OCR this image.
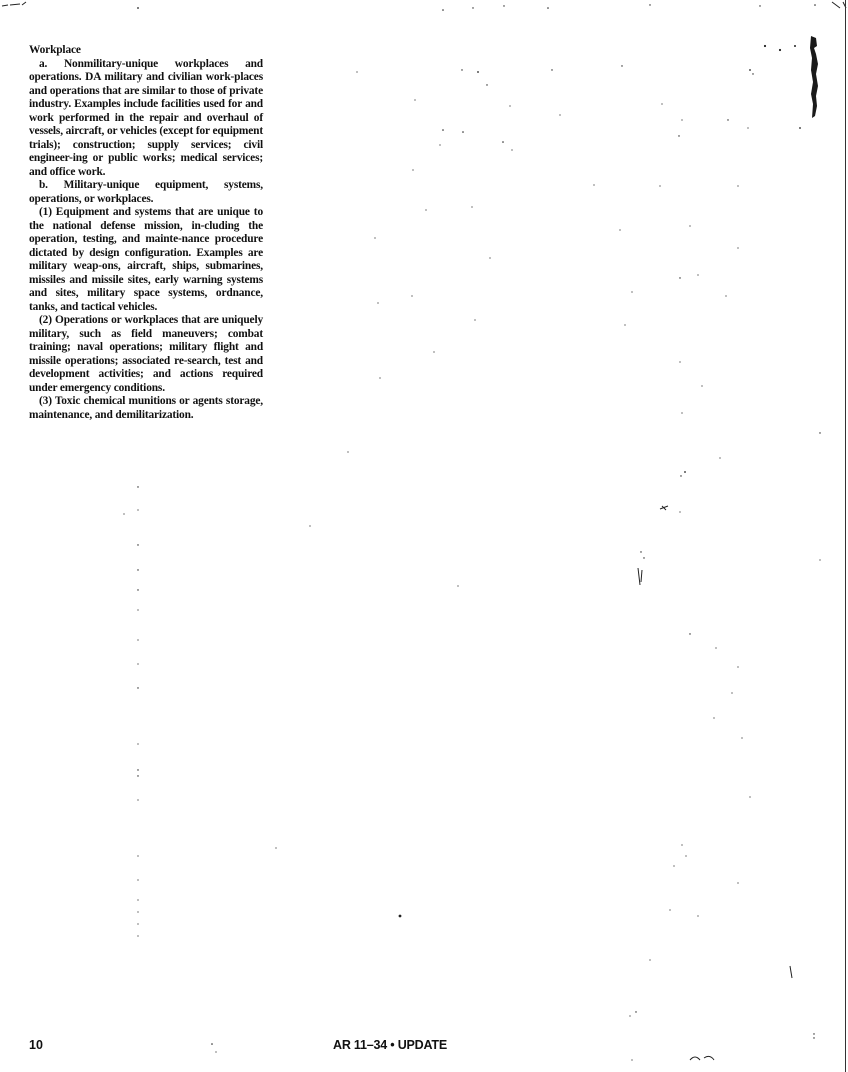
Workplace

a. Nonmilitary-unique workplaces and operations. DA military and civilian work-places and operations that are similar to those of private industry. Examples include facilities used for and work performed in the repair and overhaul of vessels, aircraft, or vehicles (except for equipment trials); construction; supply services; civil engineer-ing or public works; medical services; and office work.

b. Military-unique equipment, systems, operations, or workplaces.

(1) Equipment and systems that are unique to the national defense mission, in-cluding the operation, testing, and mainte-nance procedure dictated by design configuration. Examples are military weap-ons, aircraft, ships, submarines, missiles and missile sites, early warning systems and sites, military space systems, ordnance, tanks, and tactical vehicles.

(2) Operations or workplaces that are uniquely military, such as field maneuvers; combat training; naval operations; military flight and missile operations; associated re-search, test and development activities; and actions required under emergency conditions.

(3) Toxic chemical munitions or agents storage, maintenance, and demilitarization.

10	AR 11–34 • UPDATE
